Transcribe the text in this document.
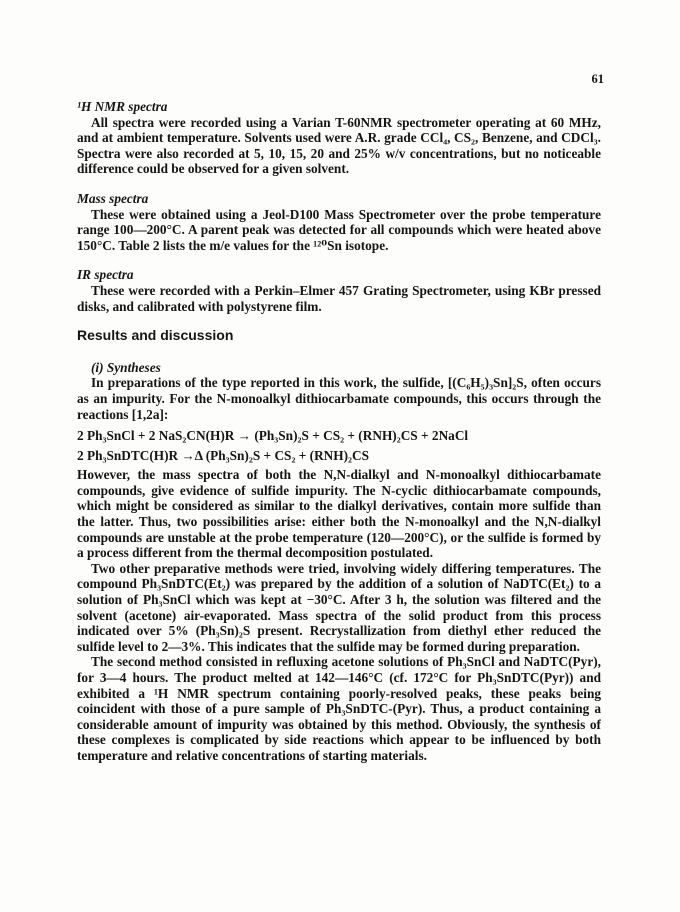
61

¹H NMR spectra

All spectra were recorded using a Varian T-60NMR spectrometer operating at 60 MHz, and at ambient temperature. Solvents used were A.R. grade CCl₄, CS₂, Benzene, and CDCl₃. Spectra were also recorded at 5, 10, 15, 20 and 25% w/v concentrations, but no noticeable difference could be observed for a given solvent.

Mass spectra

These were obtained using a Jeol-D100 Mass Spectrometer over the probe temperature range 100—200°C. A parent peak was detected for all compounds which were heated above 150°C. Table 2 lists the m/e values for the ¹²⁰Sn isotope.

IR spectra

These were recorded with a Perkin–Elmer 457 Grating Spectrometer, using KBr pressed disks, and calibrated with polystyrene film.

Results and discussion

(i) Syntheses

In preparations of the type reported in this work, the sulfide, [(C₆H₅)₃Sn]₂S, often occurs as an impurity. For the N-monoalkyl dithiocarbamate compounds, this occurs through the reactions [1,2a]:

2 Ph₃SnCl + 2 NaS₂CN(H)R → (Ph₃Sn)₂S + CS₂ + (RNH)₂CS + 2NaCl

2 Ph₃SnDTC(H)R →Δ (Ph₃Sn)₂S + CS₂ + (RNH)₂CS

However, the mass spectra of both the N,N-dialkyl and N-monoalkyl dithiocarbamate compounds, give evidence of sulfide impurity. The N-cyclic dithiocarbamate compounds, which might be considered as similar to the dialkyl derivatives, contain more sulfide than the latter. Thus, two possibilities arise: either both the N-monoalkyl and the N,N-dialkyl compounds are unstable at the probe temperature (120—200°C), or the sulfide is formed by a process different from the thermal decomposition postulated.

Two other preparative methods were tried, involving widely differing temperatures. The compound Ph₃SnDTC(Et₂) was prepared by the addition of a solution of NaDTC(Et₂) to a solution of Ph₃SnCl which was kept at −30°C. After 3 h, the solution was filtered and the solvent (acetone) air-evaporated. Mass spectra of the solid product from this process indicated over 5% (Ph₃Sn)₂S present. Recrystallization from diethyl ether reduced the sulfide level to 2—3%. This indicates that the sulfide may be formed during preparation.

The second method consisted in refluxing acetone solutions of Ph₃SnCl and NaDTC(Pyr), for 3—4 hours. The product melted at 142—146°C (cf. 172°C for Ph₃SnDTC(Pyr)) and exhibited a ¹H NMR spectrum containing poorly-resolved peaks, these peaks being coincident with those of a pure sample of Ph₃SnDTC-(Pyr). Thus, a product containing a considerable amount of impurity was obtained by this method. Obviously, the synthesis of these complexes is complicated by side reactions which appear to be influenced by both temperature and relative concentrations of starting materials.
